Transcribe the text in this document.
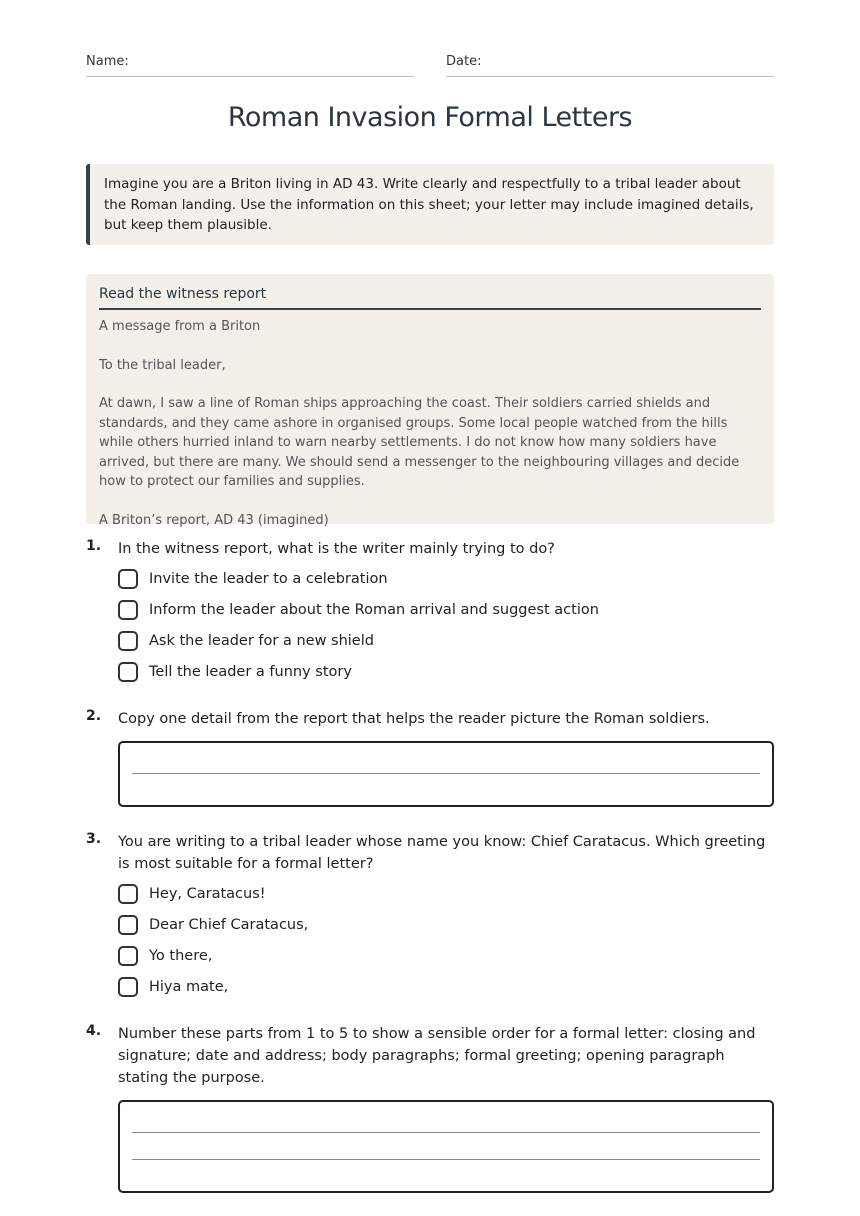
Name:	Date:
Roman Invasion Formal Letters
Imagine you are a Briton living in AD 43. Write clearly and respectfully to a tribal leader about the Roman landing. Use the information on this sheet; your letter may include imagined details, but keep them plausible.
Read the witness report

A message from a Briton

To the tribal leader,

At dawn, I saw a line of Roman ships approaching the coast. Their soldiers carried shields and standards, and they came ashore in organised groups. Some local people watched from the hills while others hurried inland to warn nearby settlements. I do not know how many soldiers have arrived, but there are many. We should send a messenger to the neighbouring villages and decide how to protect our families and supplies.

A Briton’s report, AD 43 (imagined)

1. In the witness report, what is the writer mainly trying to do?
Invite the leader to a celebration
Inform the leader about the Roman arrival and suggest action
Ask the leader for a new shield
Tell the leader a funny story
2. Copy one detail from the report that helps the reader picture the Roman soldiers.
3. You are writing to a tribal leader whose name you know: Chief Caratacus. Which greeting is most suitable for a formal letter?
Hey, Caratacus!
Dear Chief Caratacus,
Yo there,
Hiya mate,
4. Number these parts from 1 to 5 to show a sensible order for a formal letter: closing and signature; date and address; body paragraphs; formal greeting; opening paragraph stating the purpose.
